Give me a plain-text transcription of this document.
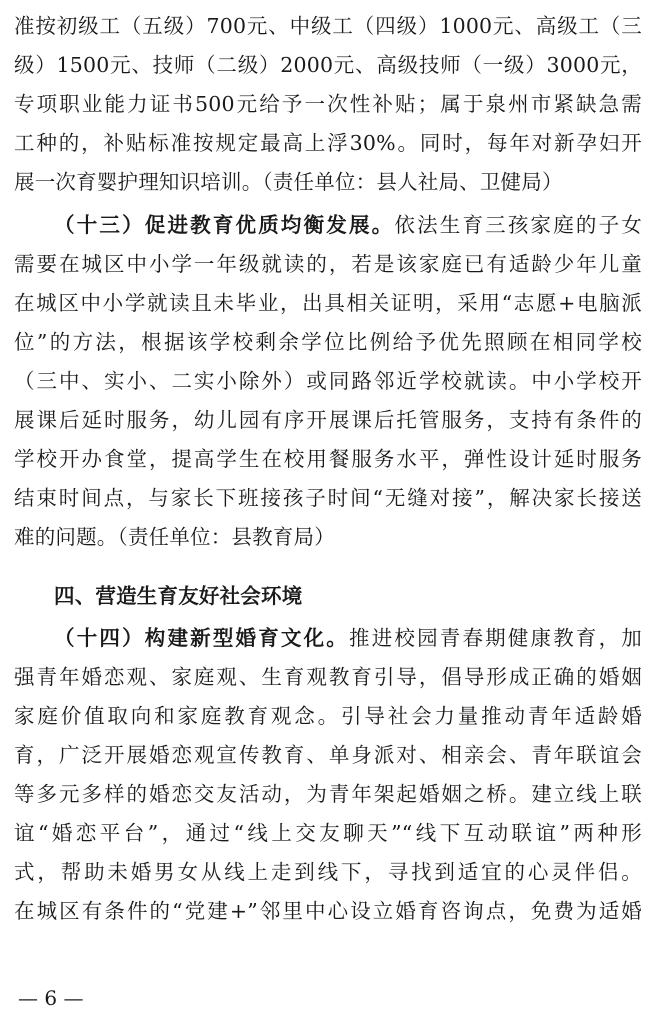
准按初级工（五级）700元、中级工（四级）1000元、高级工（三
级）1500元、技师（二级）2000元、高级技师（一级）3000元，
专项职业能力证书500元给予一次性补贴；属于泉州市紧缺急需
工种的，补贴标准按规定最高上浮30%。同时，每年对新孕妇开
展一次育婴护理知识培训。（责任单位：县人社局、卫健局）
（十三）促进教育优质均衡发展。依法生育三孩家庭的子女
需要在城区中小学一年级就读的，若是该家庭已有适龄少年儿童
在城区中小学就读且未毕业，出具相关证明，采用“志愿+电脑派
位”的方法，根据该学校剩余学位比例给予优先照顾在相同学校
（三中、实小、二实小除外）或同路邻近学校就读。中小学校开
展课后延时服务，幼儿园有序开展课后托管服务，支持有条件的
学校开办食堂，提高学生在校用餐服务水平，弹性设计延时服务
结束时间点，与家长下班接孩子时间“无缝对接”，解决家长接送
难的问题。（责任单位：县教育局）
四、营造生育友好社会环境
（十四）构建新型婚育文化。推进校园青春期健康教育，加
强青年婚恋观、家庭观、生育观教育引导，倡导形成正确的婚姻
家庭价值取向和家庭教育观念。引导社会力量推动青年适龄婚
育，广泛开展婚恋观宣传教育、单身派对、相亲会、青年联谊会
等多元多样的婚恋交友活动，为青年架起婚姻之桥。建立线上联
谊“婚恋平台”，通过“线上交友聊天”“线下互动联谊”两种形
式，帮助未婚男女从线上走到线下，寻找到适宜的心灵伴侣。
在城区有条件的“党建+”邻里中心设立婚育咨询点，免费为适婚
— 6 —
